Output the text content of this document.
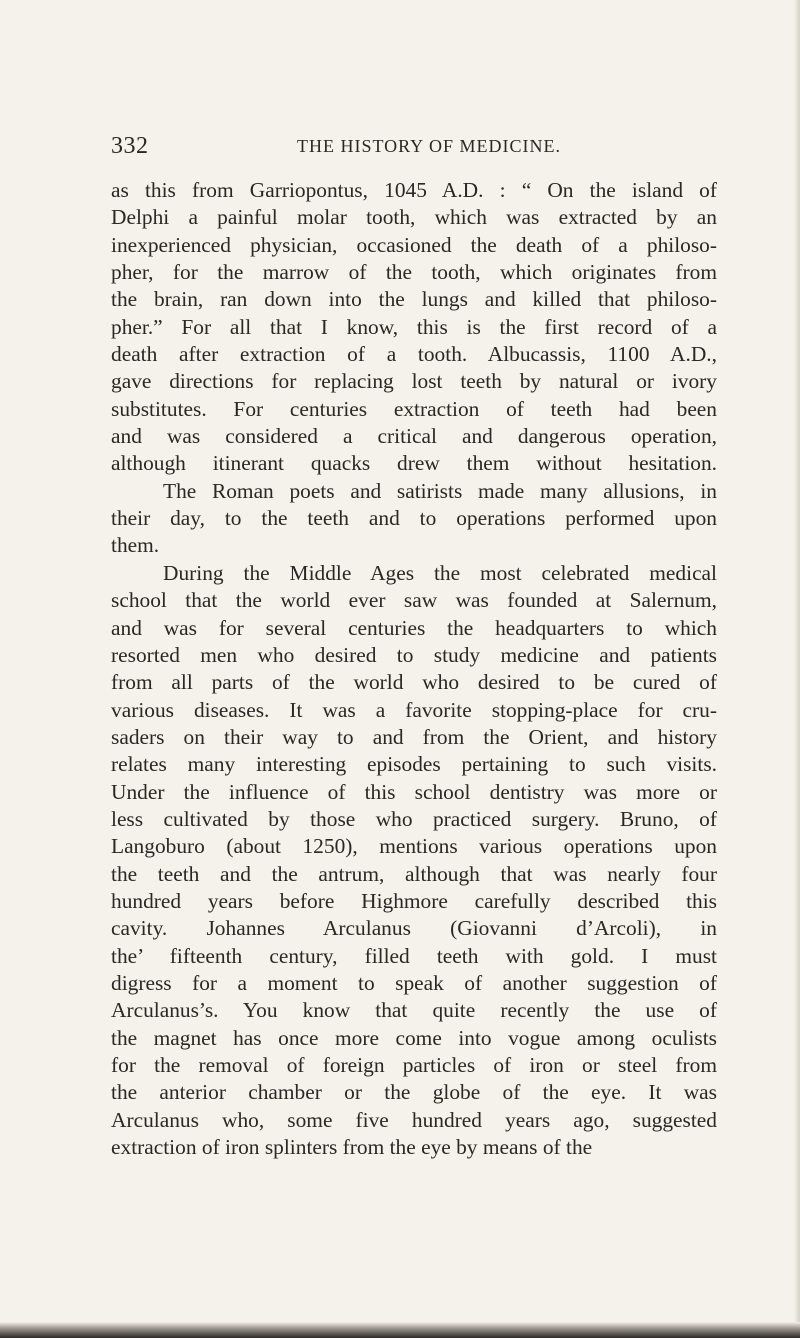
332	THE HISTORY OF MEDICINE.
as this from Garriopontus, 1045 A.D. : “ On the island of
Delphi a painful molar tooth, which was extracted by an
inexperienced physician, occasioned the death of a philoso-
pher, for the marrow of the tooth, which originates from
the brain, ran down into the lungs and killed that philoso-
pher.” For all that I know, this is the first record of a
death after extraction of a tooth. Albucassis, 1100 A.D.,
gave directions for replacing lost teeth by natural or ivory
substitutes. For centuries extraction of teeth had been
and was considered a critical and dangerous operation,
although itinerant quacks drew them without hesitation.
The Roman poets and satirists made many allusions, in
their day, to the teeth and to operations performed upon
them.
During the Middle Ages the most celebrated medical
school that the world ever saw was founded at Salernum,
and was for several centuries the headquarters to which
resorted men who desired to study medicine and patients
from all parts of the world who desired to be cured of
various diseases. It was a favorite stopping-place for cru-
saders on their way to and from the Orient, and history
relates many interesting episodes pertaining to such visits.
Under the influence of this school dentistry was more or
less cultivated by those who practiced surgery. Bruno, of
Langoburo (about 1250), mentions various operations upon
the teeth and the antrum, although that was nearly four
hundred years before Highmore carefully described this
cavity. Johannes Arculanus (Giovanni d’Arcoli), in
the’ fifteenth century, filled teeth with gold. I must
digress for a moment to speak of another suggestion of
Arculanus’s. You know that quite recently the use of
the magnet has once more come into vogue among oculists
for the removal of foreign particles of iron or steel from
the anterior chamber or the globe of the eye. It was
Arculanus who, some five hundred years ago, suggested
extraction of iron splinters from the eye by means of the
